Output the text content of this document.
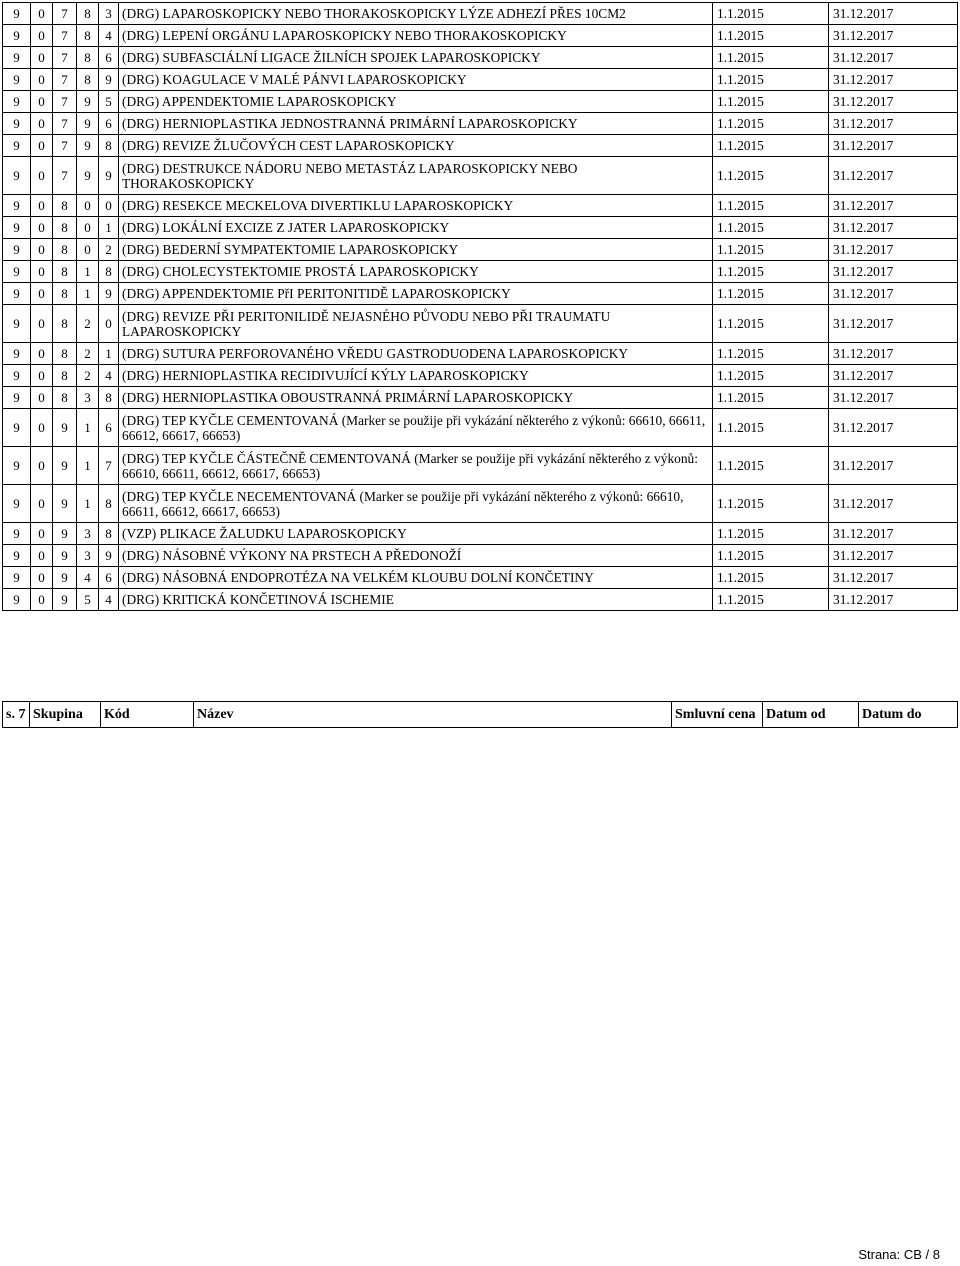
9	0	7	8	3	(DRG) LAPAROSKOPICKY NEBO THORAKOSKOPICKY LÝZE ADHEZÍ PŘES 10CM2	1.1.2015	31.12.2017
9	0	7	8	4	(DRG) LEPENÍ ORGÁNU LAPAROSKOPICKY NEBO THORAKOSKOPICKY	1.1.2015	31.12.2017
9	0	7	8	6	(DRG) SUBFASCIÁLNÍ LIGACE ŽILNÍCH SPOJEK LAPAROSKOPICKY	1.1.2015	31.12.2017
9	0	7	8	9	(DRG) KOAGULACE V MALÉ PÁNVI LAPAROSKOPICKY	1.1.2015	31.12.2017
9	0	7	9	5	(DRG) APPENDEKTOMIE LAPAROSKOPICKY	1.1.2015	31.12.2017
9	0	7	9	6	(DRG) HERNIOPLASTIKA JEDNOSTRANNÁ PRIMÁRNÍ LAPAROSKOPICKY	1.1.2015	31.12.2017
9	0	7	9	8	(DRG) REVIZE ŽLUČOVÝCH CEST LAPAROSKOPICKY	1.1.2015	31.12.2017
9	0	7	9	9	(DRG) DESTRUKCE NÁDORU NEBO METASTÁZ LAPAROSKOPICKY NEBO THORAKOSKOPICKY	1.1.2015	31.12.2017
9	0	8	0	0	(DRG) RESEKCE MECKELOVA DIVERTIKLU LAPAROSKOPICKY	1.1.2015	31.12.2017
9	0	8	0	1	(DRG) LOKÁLNÍ EXCIZE Z JATER LAPAROSKOPICKY	1.1.2015	31.12.2017
9	0	8	0	2	(DRG) BEDERNÍ SYMPATEKTOMIE LAPAROSKOPICKY	1.1.2015	31.12.2017
9	0	8	1	8	(DRG) CHOLECYSTEKTOMIE PROSTÁ LAPAROSKOPICKY	1.1.2015	31.12.2017
9	0	8	1	9	(DRG) APPENDEKTOMIE PřI PERITONITIDĚ LAPAROSKOPICKY	1.1.2015	31.12.2017
9	0	8	2	0	(DRG) REVIZE PŘI PERITONILIDĚ NEJASNÉHO PŮVODU NEBO PŘI TRAUMATU LAPAROSKOPICKY	1.1.2015	31.12.2017
9	0	8	2	1	(DRG) SUTURA PERFOROVANÉHO VŘEDU GASTRODUODENA LAPAROSKOPICKY	1.1.2015	31.12.2017
9	0	8	2	4	(DRG) HERNIOPLASTIKA RECIDIVUJÍCÍ KÝLY LAPAROSKOPICKY	1.1.2015	31.12.2017
9	0	8	3	8	(DRG) HERNIOPLASTIKA OBOUSTRANNÁ PRIMÁRNÍ LAPAROSKOPICKY	1.1.2015	31.12.2017
9	0	9	1	6	(DRG) TEP KYČLE CEMENTOVANÁ (Marker se použije při vykázání některého z výkonů: 66610, 66611, 66612, 66617, 66653)	1.1.2015	31.12.2017
9	0	9	1	7	(DRG) TEP KYČLE ČÁSTEČNĚ CEMENTOVANÁ (Marker se použije při vykázání některého z výkonů: 66610, 66611, 66612, 66617, 66653)	1.1.2015	31.12.2017
9	0	9	1	8	(DRG) TEP KYČLE NECEMENTOVANÁ (Marker se použije při vykázání některého z výkonů: 66610, 66611, 66612, 66617, 66653)	1.1.2015	31.12.2017
9	0	9	3	8	(VZP) PLIKACE ŽALUDKU LAPAROSKOPICKY	1.1.2015	31.12.2017
9	0	9	3	9	(DRG) NÁSOBNÉ VÝKONY NA PRSTECH A PŘEDONOŽÍ	1.1.2015	31.12.2017
9	0	9	4	6	(DRG) NÁSOBNÁ ENDOPROTÉZA NA VELKÉM KLOUBU DOLNÍ KONČETINY	1.1.2015	31.12.2017
9	0	9	5	4	(DRG) KRITICKÁ KONČETINOVÁ ISCHEMIE	1.1.2015	31.12.2017
s. 7	Skupina	Kód	Název	Smluvní cena	Datum od	Datum do
Strana: CB / 8
